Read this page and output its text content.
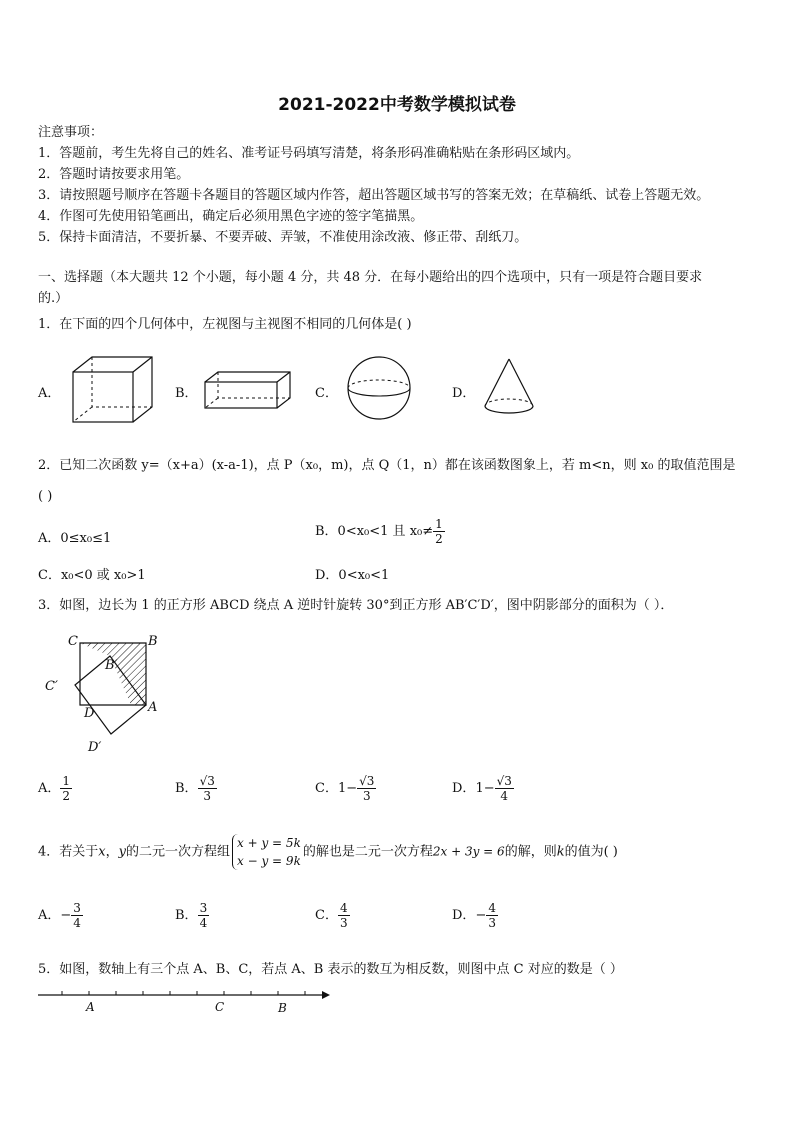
2021-2022中考数学模拟试卷
注意事项：
1．答题前，考生先将自己的姓名、准考证号码填写清楚，将条形码准确粘贴在条形码区域内。
2．答题时请按要求用笔。
3．请按照题号顺序在答题卡各题目的答题区域内作答，超出答题区域书写的答案无效；在草稿纸、试卷上答题无效。
4．作图可先使用铅笔画出，确定后必须用黑色字迹的签字笔描黑。
5．保持卡面清洁，不要折暴、不要弄破、弄皱，不准使用涂改液、修正带、刮纸刀。
一、选择题（本大题共 12 个小题，每小题 4 分，共 48 分．在每小题给出的四个选项中，只有一项是符合题目要求
的.）
1．在下面的四个几何体中，左视图与主视图不相同的几何体是( )
A．	B．	C．	D．
2．已知二次函数 y=（x+a）(x-a-1)，点 P（x₀，m)，点 Q（1，n）都在该函数图象上，若 m<n，则 x₀ 的取值范围是
( )
A．0≤x₀≤1	B．0<x₀<1 且 $x_0\ne \frac{1}{2}$
C．x₀<0 或 x₀>1	D．0<x₀<1
3．如图，边长为 1 的正方形 ABCD 绕点 A 逆时针旋转 30°到正方形 AB′C′D′，图中阴影部分的面积为（ ）．
C	B
B′
C′
D	A
D′
A． $\frac{1}{2}$	B． $\frac{√3}{3}$	C．$1- \frac{√3}{3}$	D．$1- \frac{√3}{4}$
4．若关于x，y的二元一次方程组
x + y = 5k
x − y = 9k
的解也是二元一次方程2x + 3y = 6的解，则k的值为( )
A．− $\frac{3}{4}$	B． $\frac{3}{4}$	C． $\frac{4}{3}$	D．− $\frac{4}{3}$
5．如图，数轴上有三个点 A、B、C，若点 A、B 表示的数互为相反数，则图中点 C 对应的数是（ ）
A	C	B
